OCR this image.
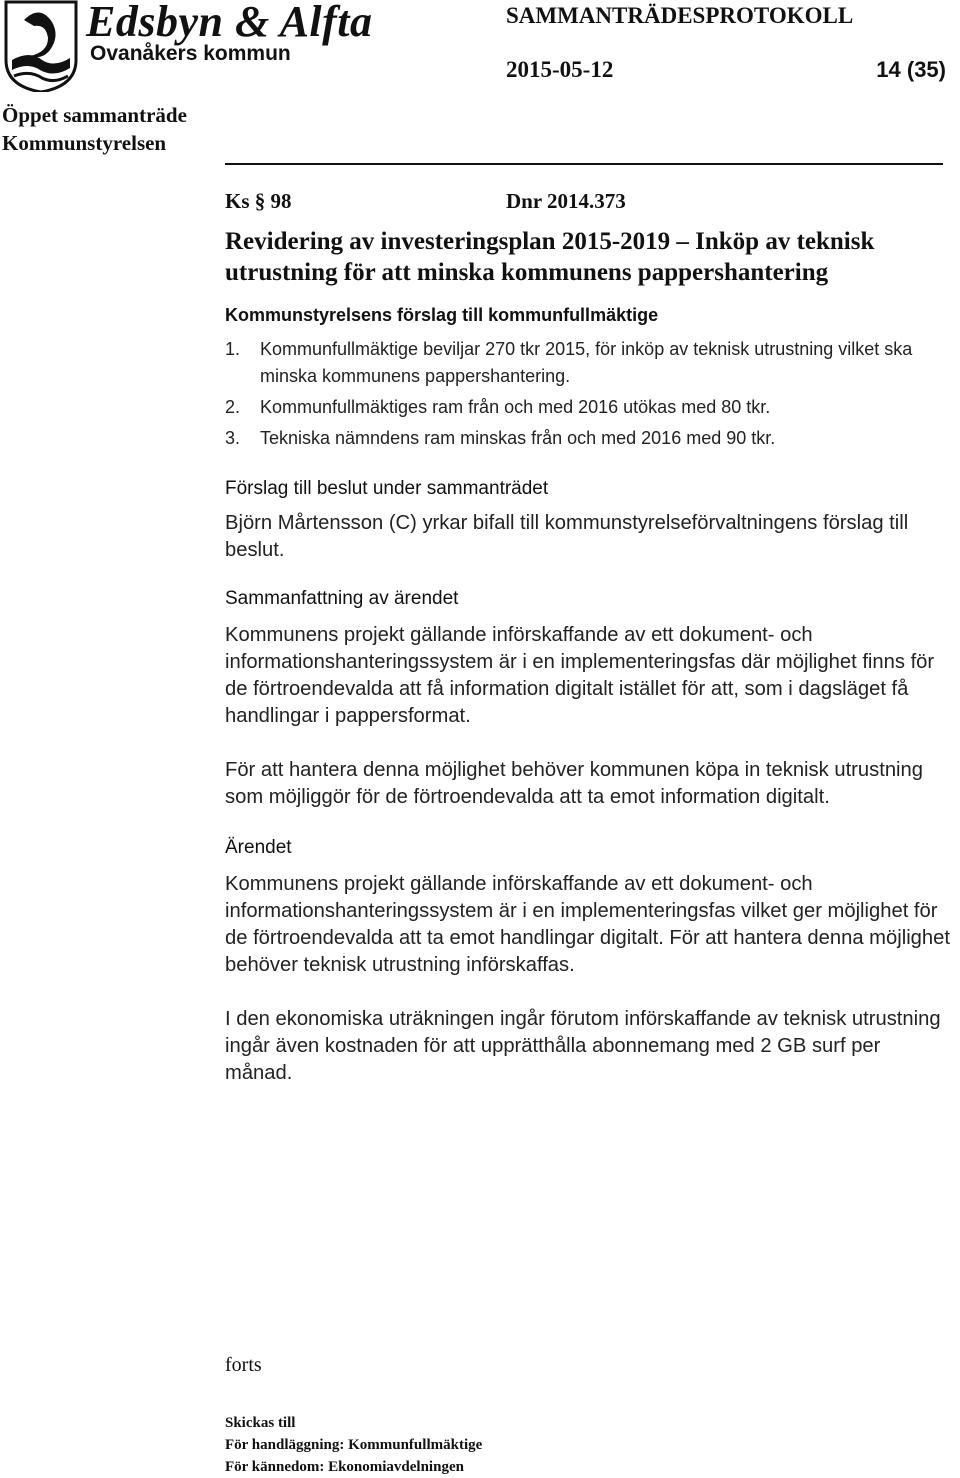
Edsbyn & Alfta
Ovanåkers kommun
SAMMANTRÄDESPROTOKOLL
2015-05-12	14 (35)
Öppet sammanträde
Kommunstyrelsen
Ks § 98	Dnr 2014.373
Revidering av investeringsplan 2015-2019 – Inköp av teknisk utrustning för att minska kommunens pappershantering
Kommunstyrelsens förslag till kommunfullmäktige
1.	Kommunfullmäktige beviljar 270 tkr 2015, för inköp av teknisk utrustning vilket ska minska kommunens pappershantering.
2.	Kommunfullmäktiges ram från och med 2016 utökas med 80 tkr.
3.	Tekniska nämndens ram minskas från och med 2016 med 90 tkr.
Förslag till beslut under sammanträdet

Björn Mårtensson (C) yrkar bifall till kommunstyrelseförvaltningens förslag till beslut.

Sammanfattning av ärendet

Kommunens projekt gällande införskaffande av ett dokument- och informationshanteringssystem är i en implementeringsfas där möjlighet finns för de förtroendevalda att få information digitalt istället för att, som i dagsläget få handlingar i pappersformat.

För att hantera denna möjlighet behöver kommunen köpa in teknisk utrustning som möjliggör för de förtroendevalda att ta emot information digitalt.

Ärendet

Kommunens projekt gällande införskaffande av ett dokument- och informationshanteringssystem är i en implementeringsfas vilket ger möjlighet för de förtroendevalda att ta emot handlingar digitalt. För att hantera denna möjlighet behöver teknisk utrustning införskaffas.

I den ekonomiska uträkningen ingår förutom införskaffande av teknisk utrustning ingår även kostnaden för att upprätthålla abonnemang med 2 GB surf per månad.

forts
Skickas till
För handläggning: Kommunfullmäktige
För kännedom: Ekonomiavdelningen
